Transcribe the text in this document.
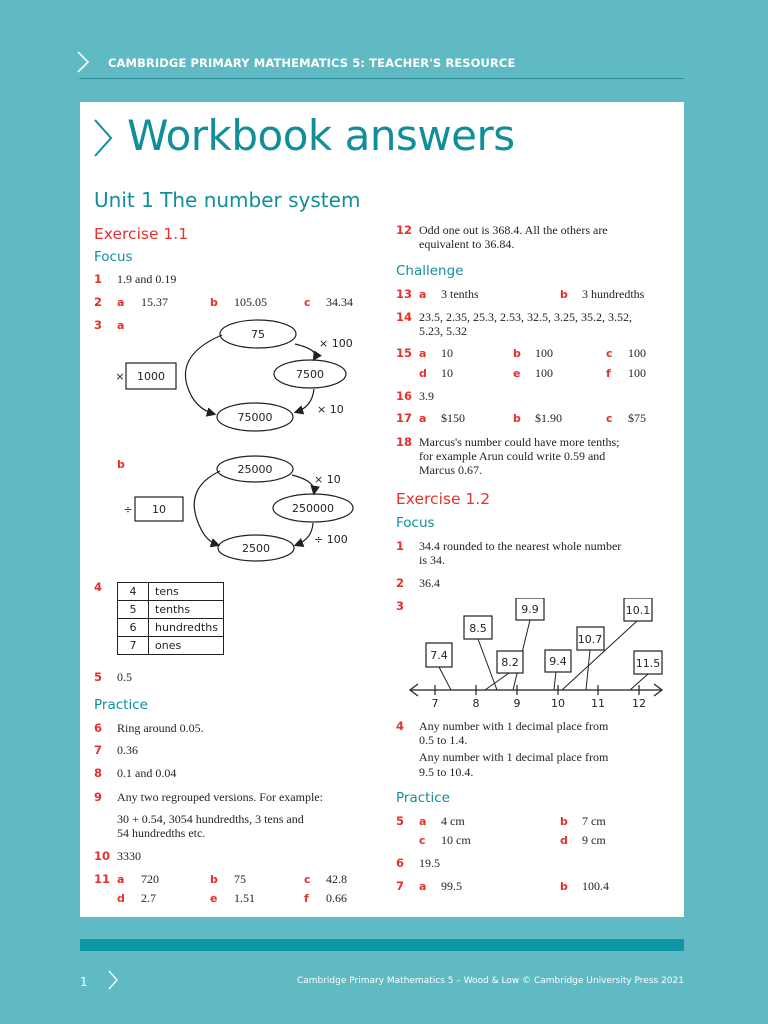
CAMBRIDGE PRIMARY MATHEMATICS 5: TEACHER'S RESOURCE
Workbook answers
Unit 1 The number system
Exercise 1.1
Focus
1 1.9 and 0.19
2 a 15.37	b 105.05	c 34.34
3 a
75
7500
75000
1000
×
× 100
× 10
b	25000
250000
2500
10
÷
× 10
÷ 100
4 4	tens
5	tenths
6	hundredths
7	ones
5 0.5
Practice
6 Ring around 0.05.
7 0.36
8 0.1 and 0.04
9 Any two regrouped versions. For example:
30 + 0.54, 3054 hundredths, 3 tens and
54 hundredths etc.
10 3330
11 a 720	b 75	c 42.8
d 2.7	e 1.51	f 0.66
12 Odd one out is 368.4. All the others are
equivalent to 36.84.
Challenge
13 a 3 tenths	b 3 hundredths
14 23.5, 2.35, 25.3, 2.53, 32.5, 3.25, 35.2, 3.52,
5.23, 5.32
15 a 10	b 100	c 100
d 10	e 100	f 100
16 3.9
17 a $150	b $1.90	c $75
18 Marcus's number could have more tenths;
for example Arun could write 0.59 and
Marcus 0.67.
Exercise 1.2
Focus
1 34.4 rounded to the nearest whole number
is 34.
2 36.4
3
7	8	9	10 11 12
7.4
8.5
8.2
9.9
9.4
10.7
10.1
11.5
4 Any number with 1 decimal place from
0.5 to 1.4.
Any number with 1 decimal place from
9.5 to 10.4.
Practice
5 a 4 cm	b 7 cm
c 10 cm	d 9 cm
6 19.5
7 a 99.5	b 100.4
1	Cambridge Primary Mathematics 5 – Wood & Low © Cambridge University Press 2021
